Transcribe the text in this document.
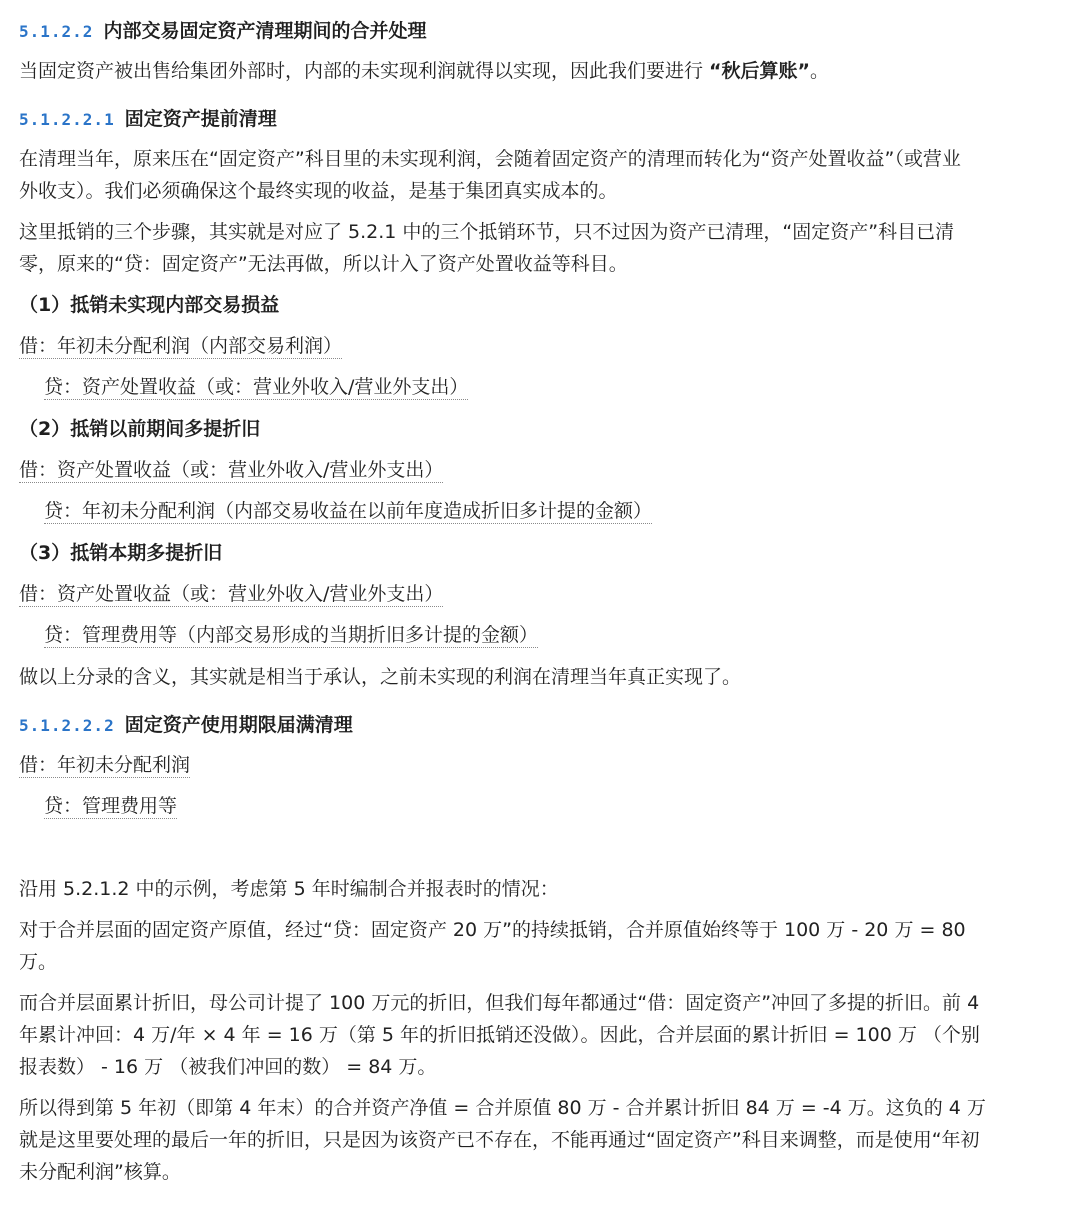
5.1.2.2 内部交易固定资产清理期间的合并处理
当固定资产被出售给集团外部时，内部的未实现利润就得以实现，因此我们要进行 “秋后算账”。
5.1.2.2.1 固定资产提前清理
在清理当年，原来压在“固定资产”科目里的未实现利润，会随着固定资产的清理而转化为“资产处置收益”（或营业
外收支）。我们必须确保这个最终实现的收益，是基于集团真实成本的。
这里抵销的三个步骤，其实就是对应了 5.2.1 中的三个抵销环节，只不过因为资产已清理，“固定资产”科目已清
零，原来的“贷：固定资产”无法再做，所以计入了资产处置收益等科目。
（1）抵销未实现内部交易损益
借：年初未分配利润（内部交易利润）
贷：资产处置收益（或：营业外收入/营业外支出）
（2）抵销以前期间多提折旧
借：资产处置收益（或：营业外收入/营业外支出）
贷：年初未分配利润（内部交易收益在以前年度造成折旧多计提的金额）
（3）抵销本期多提折旧
借：资产处置收益（或：营业外收入/营业外支出）
贷：管理费用等（内部交易形成的当期折旧多计提的金额）
做以上分录的含义，其实就是相当于承认，之前未实现的利润在清理当年真正实现了。
5.1.2.2.2 固定资产使用期限届满清理
借：年初未分配利润
贷：管理费用等
沿用 5.2.1.2 中的示例，考虑第 5 年时编制合并报表时的情况：
对于合并层面的固定资产原值，经过“贷：固定资产 20 万”的持续抵销，合并原值始终等于 100 万 - 20 万 = 80
万。
而合并层面累计折旧，母公司计提了 100 万元的折旧，但我们每年都通过“借：固定资产”冲回了多提的折旧。前 4
年累计冲回：4 万/年 × 4 年 = 16 万（第 5 年的折旧抵销还没做）。因此，合并层面的累计折旧 = 100 万 （个别
报表数） - 16 万 （被我们冲回的数） = 84 万。
所以得到第 5 年初（即第 4 年末）的合并资产净值 = 合并原值 80 万 - 合并累计折旧 84 万 = -4 万。这负的 4 万
就是这里要处理的最后一年的折旧，只是因为该资产已不存在，不能再通过“固定资产”科目来调整，而是使用“年初
未分配利润”核算。
